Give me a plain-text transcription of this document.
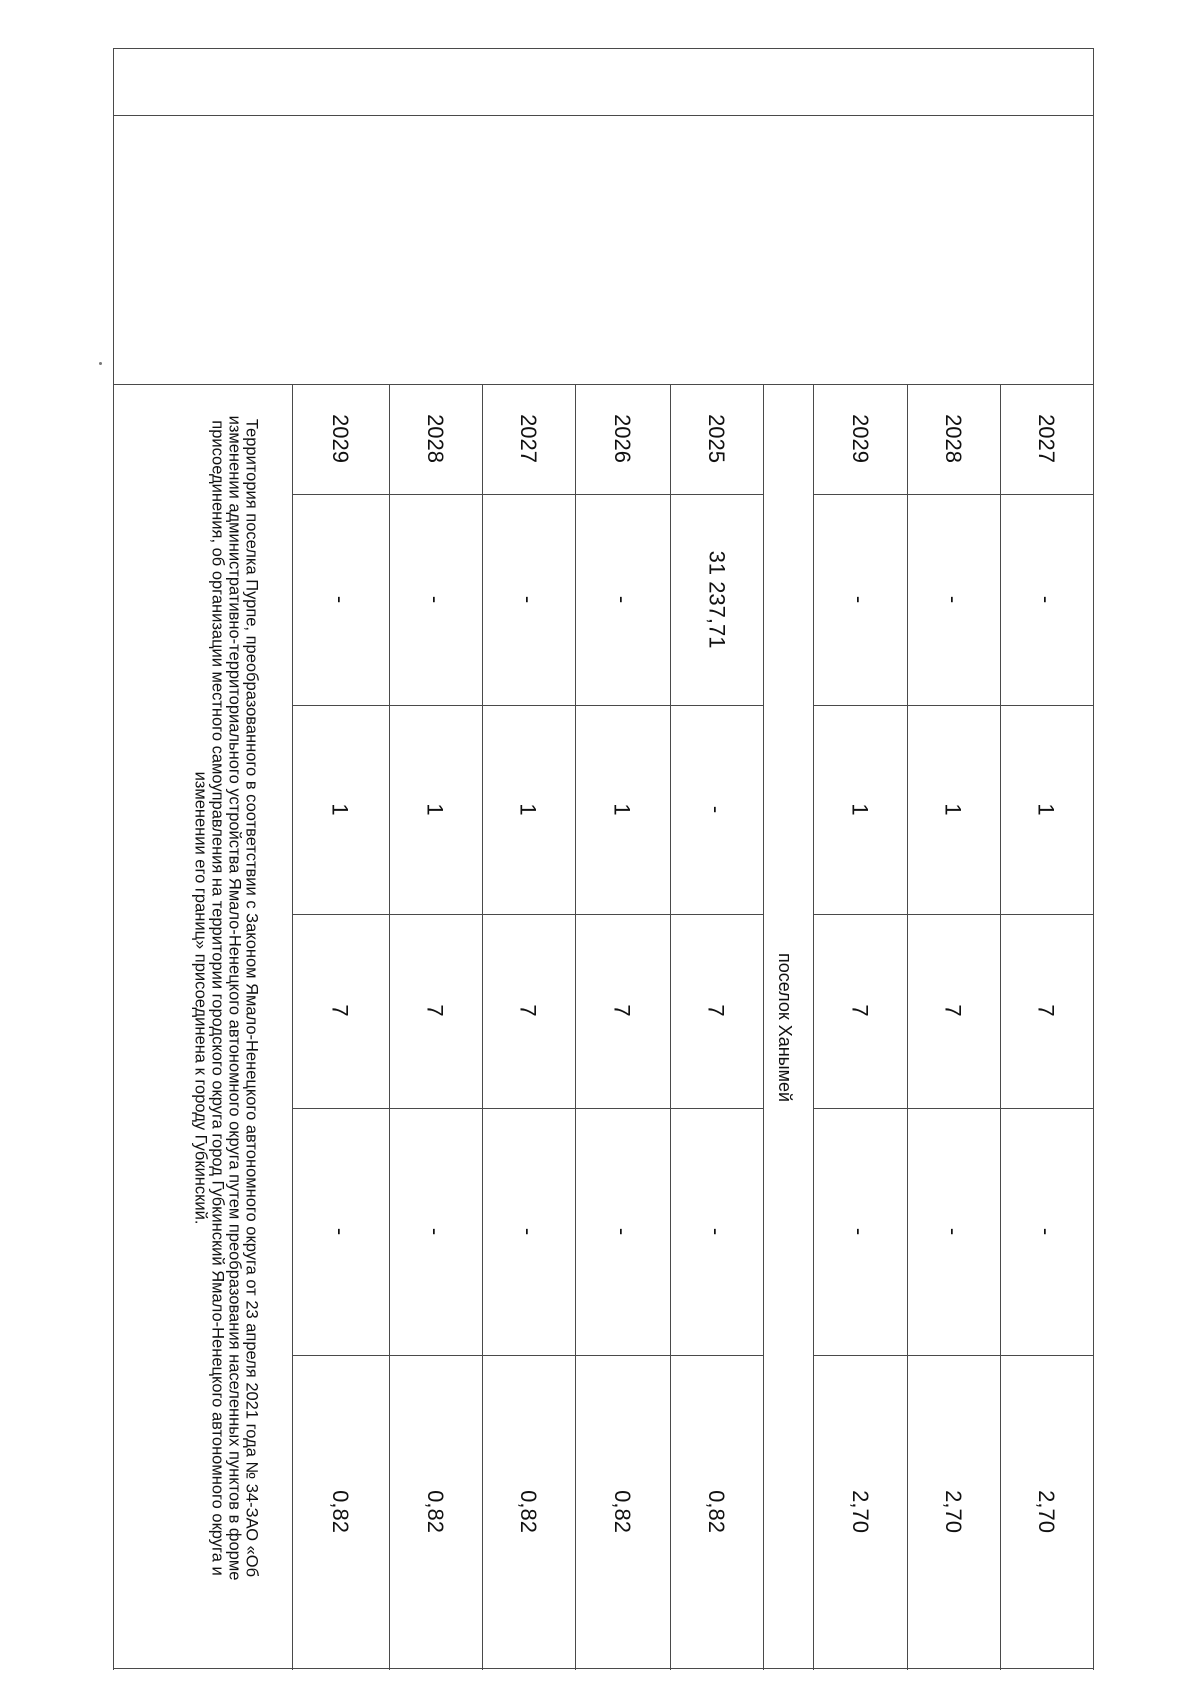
2027
-
1
7
-
2,70
2028
-
1
7
-
2,70
2029
-
1
7
-
2,70
поселок Ханымей
2025
31 237,71
-
7
-
0,82
2026
-
1
7
-
0,82
2027
-
1
7
-
0,82
2028
-
1
7
-
0,82
2029
-
1
7
-
0,82
Территория поселка Пурпе, преобразованного в соответствии с Законом Ямало-Ненецкого автономного округа от 23 апреля 2021 года № 34-ЗАО «Об изменении административно-территориального устройства Ямало-Ненецкого автономного округа путем преобразования населенных пунктов в форме присоединения, об организации местного самоуправления на территории городского округа город Губкинский Ямало-Ненецкого автономного округа и изменении его границ» присоединена к городу Губкинский.
